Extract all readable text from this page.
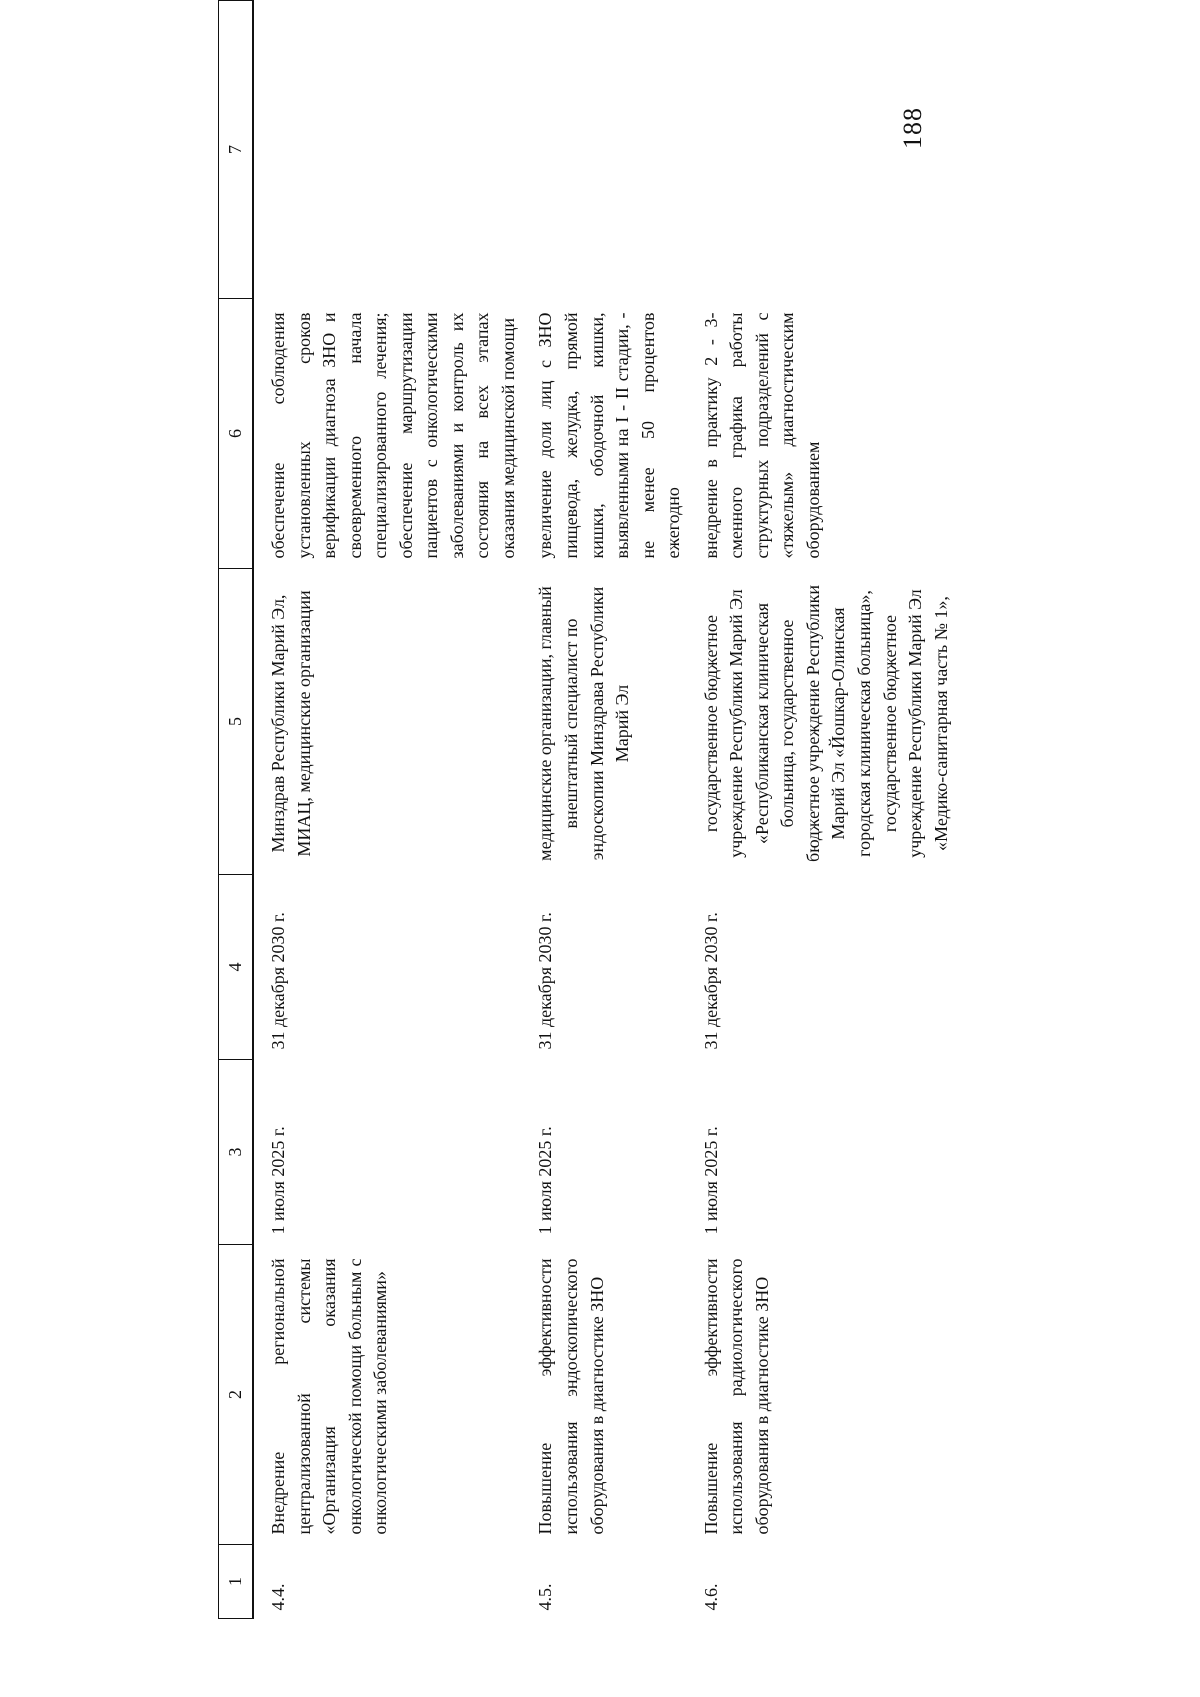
188
1	2	3	4	5	6	7
4.4.	Внедрение региональной централизованной системы «Организация оказания онкологической помощи больным с онкологическими заболеваниями»	1 июля 2025 г.	31 декабря 2030 г.	Минздрав Республики Марий Эл, МИАЦ, медицинские организации	обеспечение соблюдения установленных сроков верификации диагноза ЗНО и своевременного начала специализированного лечения; обеспечение маршрутизации пациентов с онкологическими заболеваниями и контроль их состояния на всех этапах оказания медицинской помощи	
4.5.	Повышение эффективности использования эндоскопического оборудования в диагностике ЗНО	1 июля 2025 г.	31 декабря 2030 г.	медицинские организации, главный внештатный специалист по эндоскопии Минздрава Республики Марий Эл	увеличение доли лиц с ЗНО пищевода, желудка, прямой кишки, ободочной кишки, выявленными на I - II стадии, - не менее 50 процентов ежегодно	
4.6.	Повышение эффективности использования радиологического оборудования в диагностике ЗНО	1 июля 2025 г.	31 декабря 2030 г.	государственное бюджетное учреждение Республики Марий Эл «Республиканская клиническая больница, государственное бюджетное учреждение Республики Марий Эл «Йошкар-Олинская городская клиническая больница», государственное бюджетное учреждение Республики Марий Эл «Медико-санитарная часть № 1»,	внедрение в практику 2 - 3-сменного графика работы структурных подразделений с «тяжелым» диагностическим оборудованием	
